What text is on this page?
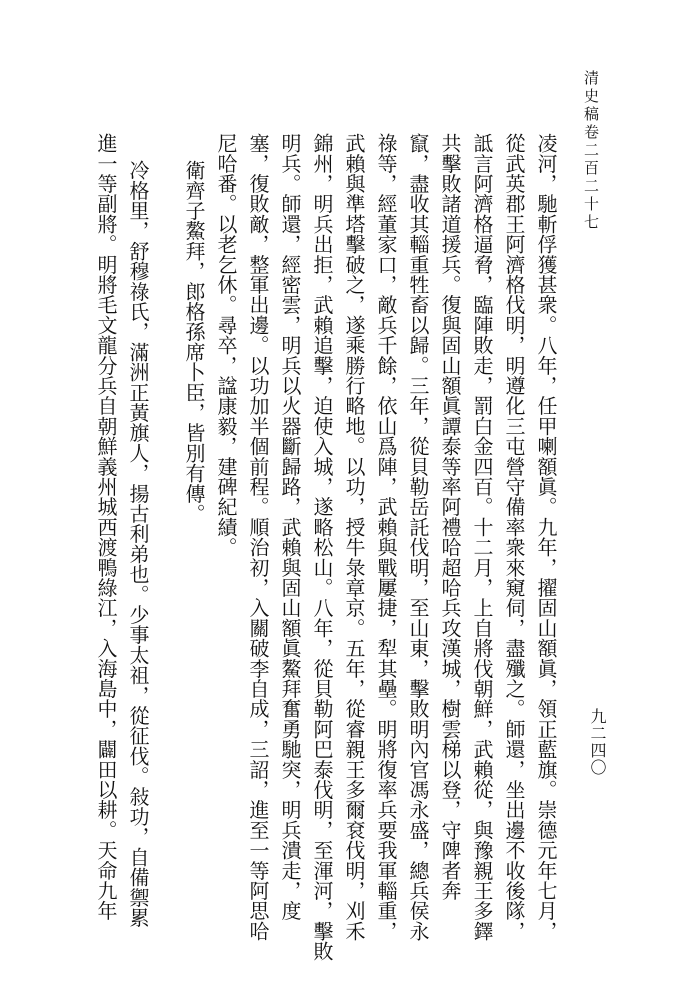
清史稿卷二百二十七
九二四〇
凌河，馳斬俘獲甚衆。八年，任甲喇額眞。九年，擢固山額眞，領正藍旗。崇德元年七月，
從武英郡王阿濟格伐明，明遵化三屯營守備率衆來窺伺，盡殲之。師還，坐出邊不收後隊，
詆言阿濟格逼脅，臨陣敗走，罰白金四百。十二月，上自將伐朝鮮，武賴從，與豫親王多鐸
共擊敗諸道援兵。復與固山額眞譚泰等率阿禮哈超哈兵攻漢城，樹雲梯以登，守陴者奔
竄，盡收其輜重牲畜以歸。三年，從貝勒岳託伐明，至山東，擊敗明內官馮永盛，總兵侯永
祿等，經董家口，敵兵千餘，依山爲陣，武賴與戰屢捷，犁其壘。明將復率兵要我軍輜重，
武賴與準塔擊破之，遂乘勝行略地。以功，授牛彔章京。五年，從睿親王多爾袞伐明，刈禾
錦州，明兵出拒，武賴追擊，迫使入城，遂略松山。八年，從貝勒阿巴泰伐明，至渾河，擊敗
明兵。師還，經密雲，明兵以火器斷歸路，武賴與固山額眞鰲拜奮勇馳突，明兵潰走，度
塞，復敗敵，整軍出邊。以功加半個前程。順治初，入關破李自成，三詔，進至一等阿思哈
尼哈番。以老乞休。尋卒，諡康毅，建碑紀績。
衛齊子鰲拜，郎格孫席卜臣，皆別有傳。
冷格里，舒穆祿氏，滿洲正黃旗人，揚古利弟也。少事太祖，從征伐。敍功，自備禦累
進一等副將。明將毛文龍分兵自朝鮮義州城西渡鴨綠江，入海島中，闢田以耕。天命九年
